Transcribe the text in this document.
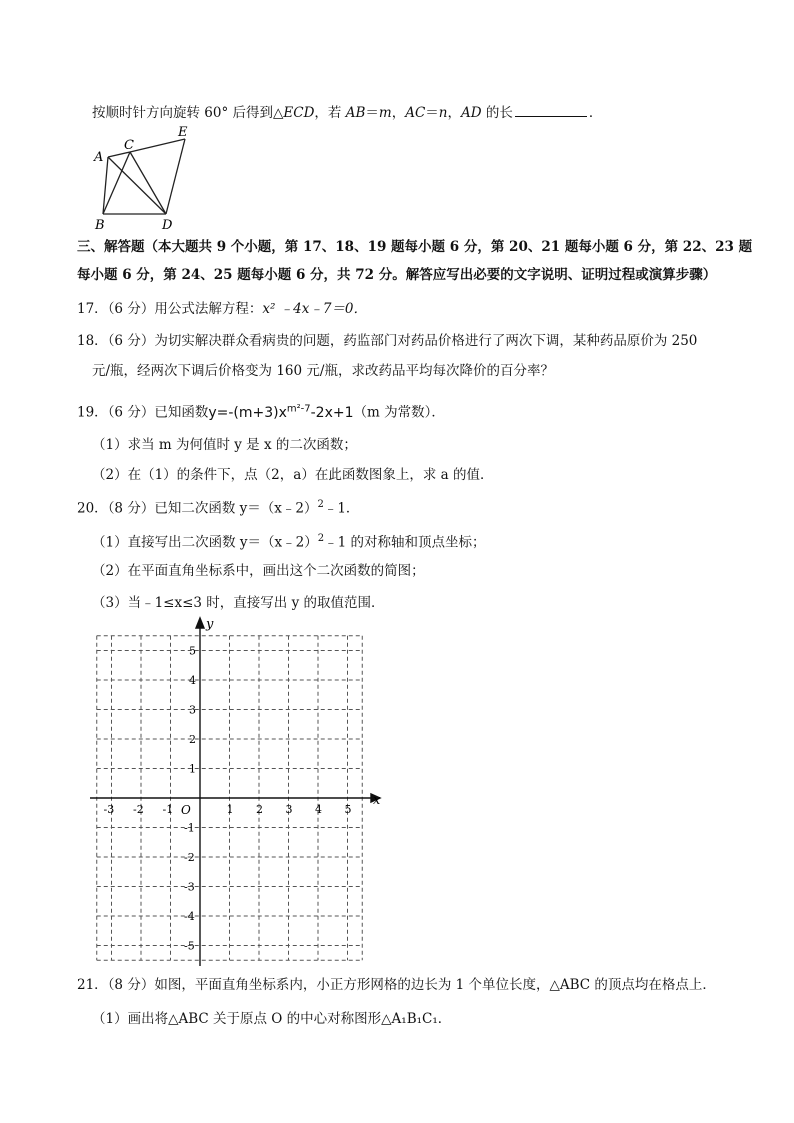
按顺时针方向旋转 60° 后得到△ECD，若 AB＝m，AC＝n，AD 的长	．
A
C
E
B	D
三、解答题（本大题共 9 个小题，第 17、18、19 题每小题 6 分，第 20、21 题每小题 6 分，第 22、23 题
每小题 6 分，第 24、25 题每小题 6 分，共 72 分。解答应写出必要的文字说明、证明过程或演算步骤）
17．（6 分）用公式法解方程：x² ﹣4x﹣7＝0．
18．（6 分）为切实解决群众看病贵的问题，药监部门对药品价格进行了两次下调，某种药品原价为 250
元/瓶，经两次下调后价格变为 160 元/瓶，求改药品平均每次降价的百分率？
19．（6 分）已知函数$y=-(m+3)x^{m^2-7}-2x+1(m$ 为常数）．
（1）求当 m 为何值时 y 是 x 的二次函数；
（2）在（1）的条件下，点（2，a）在此函数图象上，求 a 的值．
20．（8 分）已知二次函数 y＝（x﹣2）$^2$﹣1．
（1）直接写出二次函数 y＝（x﹣2）$^2$﹣1 的对称轴和顶点坐标；
（2）在平面直角坐标系中，画出这个二次函数的简图；
（3）当﹣1≤x≤3 时，直接写出 y 的取值范围．
x
y
O
-3 -2 -1	1 2 3 4 5
5
4
3
2
1
-1
-2
-3
-4
-5
21．（8 分）如图，平面直角坐标系内，小正方形网格的边长为 1 个单位长度，△ABC 的顶点均在格点上．
（1）画出将△ABC 关于原点 O 的中心对称图形△A₁B₁C₁．
